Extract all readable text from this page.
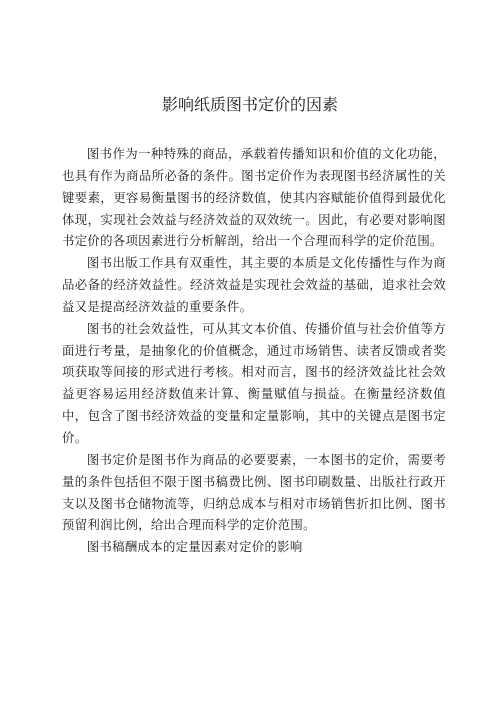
影响纸质图书定价的因素

图书作为一种特殊的商品，承载着传播知识和价值的文化功能，也具有作为商品所必备的条件。图书定价作为表现图书经济属性的关键要素，更容易衡量图书的经济数值，使其内容赋能价值得到最优化体现，实现社会效益与经济效益的双效统一。因此，有必要对影响图书定价的各项因素进行分析解剖，给出一个合理而科学的定价范围。

图书出版工作具有双重性，其主要的本质是文化传播性与作为商品必备的经济效益性。经济效益是实现社会效益的基础，追求社会效益又是提高经济效益的重要条件。

图书的社会效益性，可从其文本价值、传播价值与社会价值等方面进行考量，是抽象化的价值概念，通过市场销售、读者反馈或者奖项获取等间接的形式进行考核。相对而言，图书的经济效益比社会效益更容易运用经济数值来计算、衡量赋值与损益。在衡量经济数值中，包含了图书经济效益的变量和定量影响，其中的关键点是图书定价。

图书定价是图书作为商品的必要要素，一本图书的定价，需要考量的条件包括但不限于图书稿费比例、图书印刷数量、出版社行政开支以及图书仓储物流等，归纳总成本与相对市场销售折扣比例、图书预留利润比例，给出合理而科学的定价范围。

图书稿酬成本的定量因素对定价的影响
